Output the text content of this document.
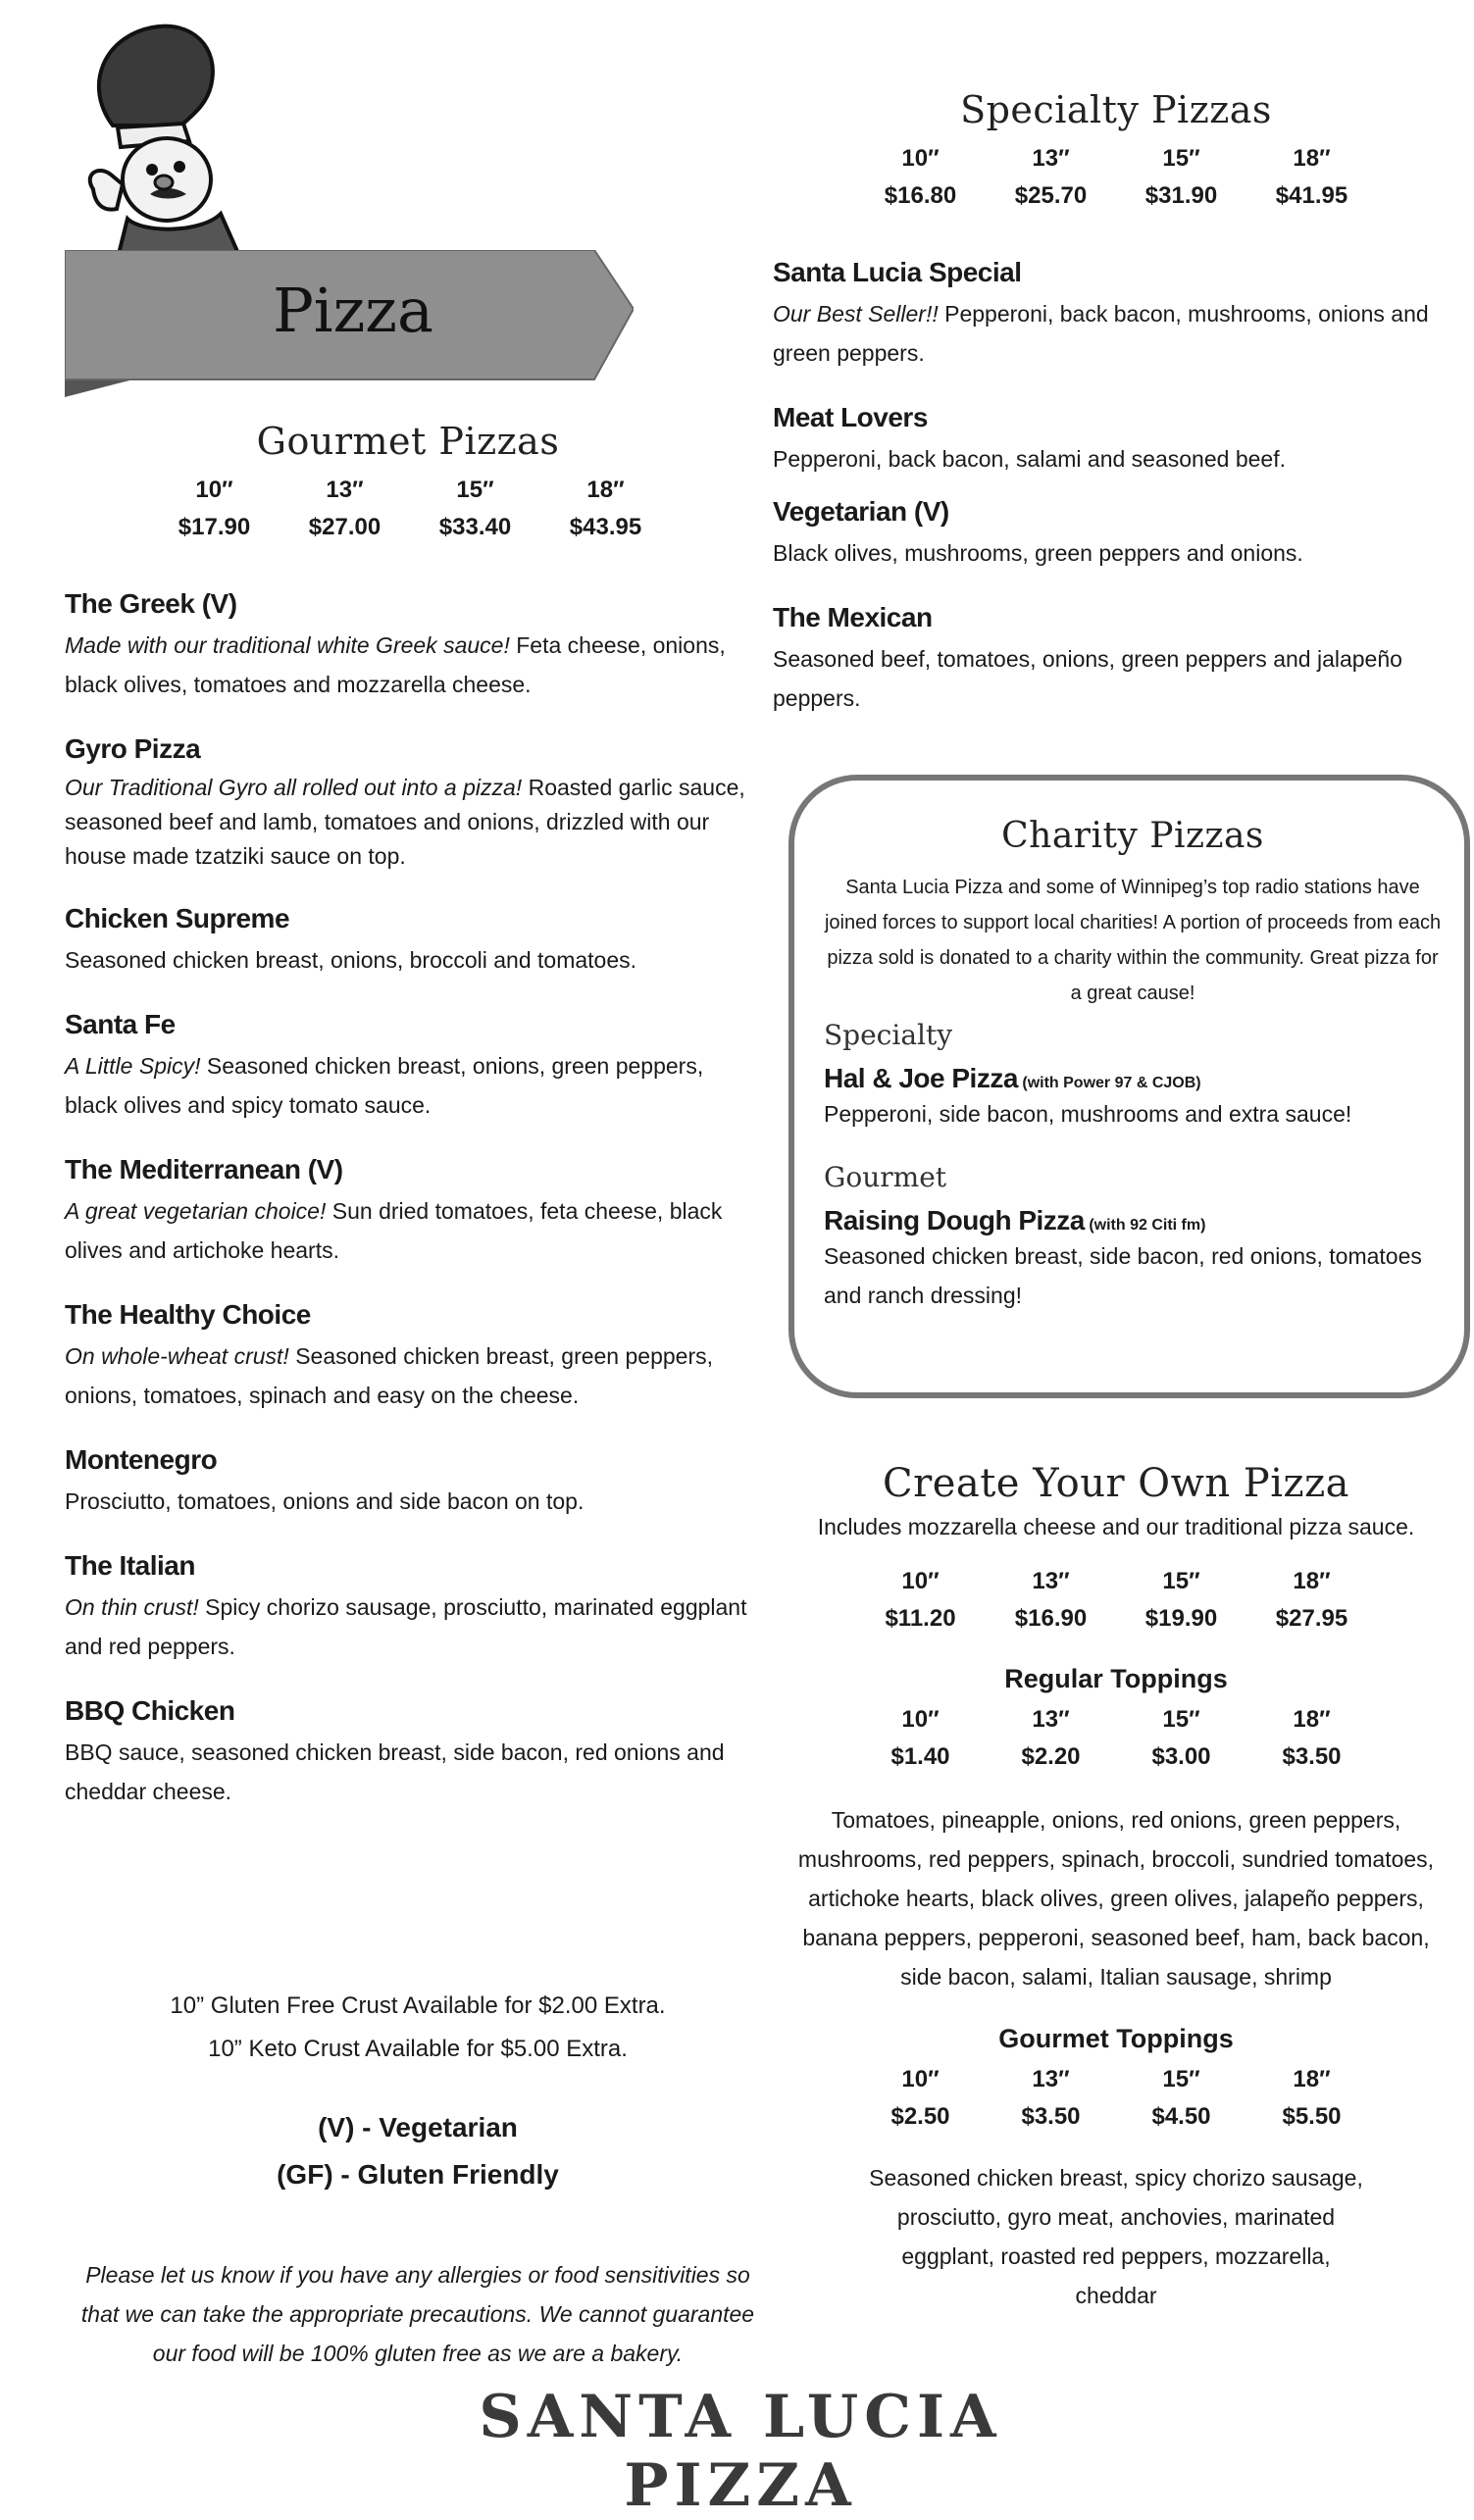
Pizza
Gourmet Pizzas
10″	13″	15″	18″
$17.90	$27.00	$33.40	$43.95
The Greek (V)
Made with our traditional white Greek sauce! Feta cheese, onions, black olives, tomatoes and mozzarella cheese.
Gyro Pizza
Our Traditional Gyro all rolled out into a pizza! Roasted garlic sauce, seasoned beef and lamb, tomatoes and onions, drizzled with our house made tzatziki sauce on top.
Chicken Supreme
Seasoned chicken breast, onions, broccoli and tomatoes.
Santa Fe
A Little Spicy! Seasoned chicken breast, onions, green peppers, black olives and spicy tomato sauce.
The Mediterranean (V)
A great vegetarian choice! Sun dried tomatoes, feta cheese, black olives and artichoke hearts.
The Healthy Choice
On whole-wheat crust! Seasoned chicken breast, green peppers, onions, tomatoes, spinach and easy on the cheese.
Montenegro
Prosciutto, tomatoes, onions and side bacon on top.
The Italian
On thin crust! Spicy chorizo sausage, prosciutto, marinated eggplant and red peppers.
BBQ Chicken
BBQ sauce, seasoned chicken breast, side bacon, red onions and cheddar cheese.
10” Gluten Free Crust Available for $2.00 Extra.
10” Keto Crust Available for $5.00 Extra.
(V) - Vegetarian
(GF) - Gluten Friendly
Please let us know if you have any allergies or food sensitivities so that we can take the appropriate precautions. We cannot guarantee our food will be 100% gluten free as we are a bakery.
Specialty Pizzas
10″	13″	15″	18″
$16.80	$25.70	$31.90	$41.95
Santa Lucia Special
Our Best Seller!! Pepperoni, back bacon, mushrooms, onions and green peppers.
Meat Lovers
Pepperoni, back bacon, salami and seasoned beef.
Vegetarian (V)
Black olives, mushrooms, green peppers and onions.
The Mexican
Seasoned beef, tomatoes, onions, green peppers and jalapeño peppers.
Charity Pizzas
Santa Lucia Pizza and some of Winnipeg’s top radio stations have joined forces to support local charities! A portion of proceeds from each pizza sold is donated to a charity within the community. Great pizza for a great cause!
Specialty
Hal & Joe Pizza (with Power 97 & CJOB)
Pepperoni, side bacon, mushrooms and extra sauce!
Gourmet
Raising Dough Pizza (with 92 Citi fm)
Seasoned chicken breast, side bacon, red onions, tomatoes and ranch dressing!
Create Your Own Pizza
Includes mozzarella cheese and our traditional pizza sauce.
10″	13″	15″	18″
$11.20	$16.90	$19.90	$27.95
Regular Toppings
10″	13″	15″	18″
$1.40	$2.20	$3.00	$3.50
Tomatoes, pineapple, onions, red onions, green peppers, mushrooms, red peppers, spinach, broccoli, sundried tomatoes, artichoke hearts, black olives, green olives, jalapeño peppers, banana peppers, pepperoni, seasoned beef, ham, back bacon, side bacon, salami, Italian sausage, shrimp
Gourmet Toppings
10″	13″	15″	18″
$2.50	$3.50	$4.50	$5.50
Seasoned chicken breast, spicy chorizo sausage, prosciutto, gyro meat, anchovies, marinated eggplant, roasted red peppers, mozzarella, cheddar
SANTA LUCIA PIZZA
